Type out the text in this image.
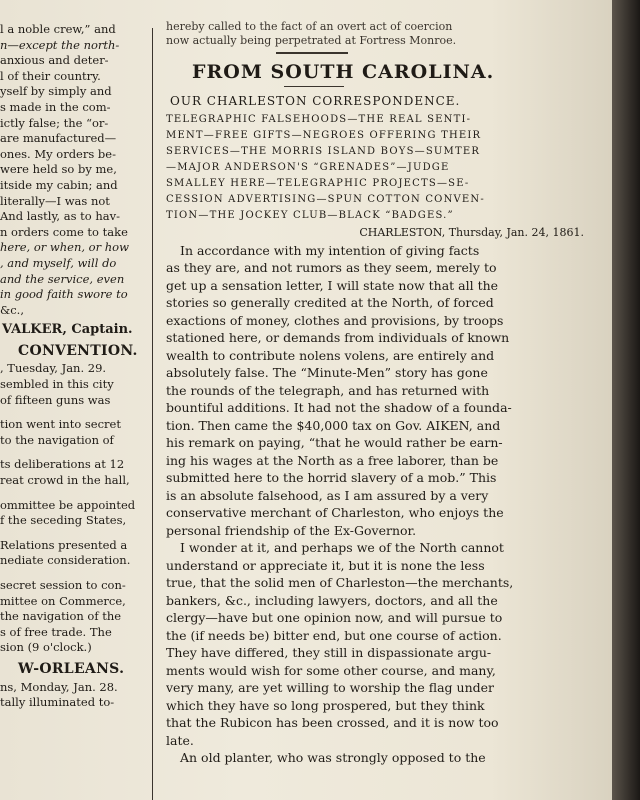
l a noble crew,” and
n—except the north-
anxious and deter-
l of their country.
yself by simply and
s made in the com-
ictly false; the “or-
are manufactured—
ones. My orders be-
were held so by me,
itside my cabin; and
literally—I was not
And lastly, as to hav-
n orders come to take
here, or when, or how
, and myself, will do
and the service, even
in good faith swore to
&c.,
VALKER, Captain.
CONVENTION.
, Tuesday, Jan. 29.
sembled in this city
of fifteen guns was
tion went into secret
to the navigation of
ts deliberations at 12
reat crowd in the hall,
ommittee be appointed
f the seceding States,
Relations presented a
nediate consideration.
secret session to con-
mittee on Commerce,
the navigation of the
s of free trade. The
sion (9 o'clock.)
W-ORLEANS.
ns, Monday, Jan. 28.
tally illuminated to-
hereby called to the fact of an overt act of coercion
now actually being perpetrated at Fortress Monroe.
FROM SOUTH CAROLINA.
OUR CHARLESTON CORRESPONDENCE.
TELEGRAPHIC FALSEHOODS—THE REAL SENTI-
MENT—FREE GIFTS—NEGROES OFFERING THEIR
SERVICES—THE MORRIS ISLAND BOYS—SUMTER
—MAJOR ANDERSON'S “GRENADES”—JUDGE
SMALLEY HERE—TELEGRAPHIC PROJECTS—SE-
CESSION ADVERTISING—SPUN COTTON CONVEN-
TION—THE JOCKEY CLUB—BLACK “BADGES.”
CHARLESTON, Thursday, Jan. 24, 1861.
In accordance with my intention of giving facts
as they are, and not rumors as they seem, merely to
get up a sensation letter, I will state now that all the
stories so generally credited at the North, of forced
exactions of money, clothes and provisions, by troops
stationed here, or demands from individuals of known
wealth to contribute nolens volens, are entirely and
absolutely false. The “Minute-Men” story has gone
the rounds of the telegraph, and has returned with
bountiful additions. It had not the shadow of a founda-
tion. Then came the $40,000 tax on Gov. AIKEN, and
his remark on paying, “that he would rather be earn-
ing his wages at the North as a free laborer, than be
submitted here to the horrid slavery of a mob.” This
is an absolute falsehood, as I am assured by a very
conservative merchant of Charleston, who enjoys the
personal friendship of the Ex-Governor.
I wonder at it, and perhaps we of the North cannot
understand or appreciate it, but it is none the less
true, that the solid men of Charleston—the merchants,
bankers, &c., including lawyers, doctors, and all the
clergy—have but one opinion now, and will pursue to
the (if needs be) bitter end, but one course of action.
They have differed, they still in dispassionate argu-
ments would wish for some other course, and many,
very many, are yet willing to worship the flag under
which they have so long prospered, but they think
that the Rubicon has been crossed, and it is now too
late.
An old planter, who was strongly opposed to the
